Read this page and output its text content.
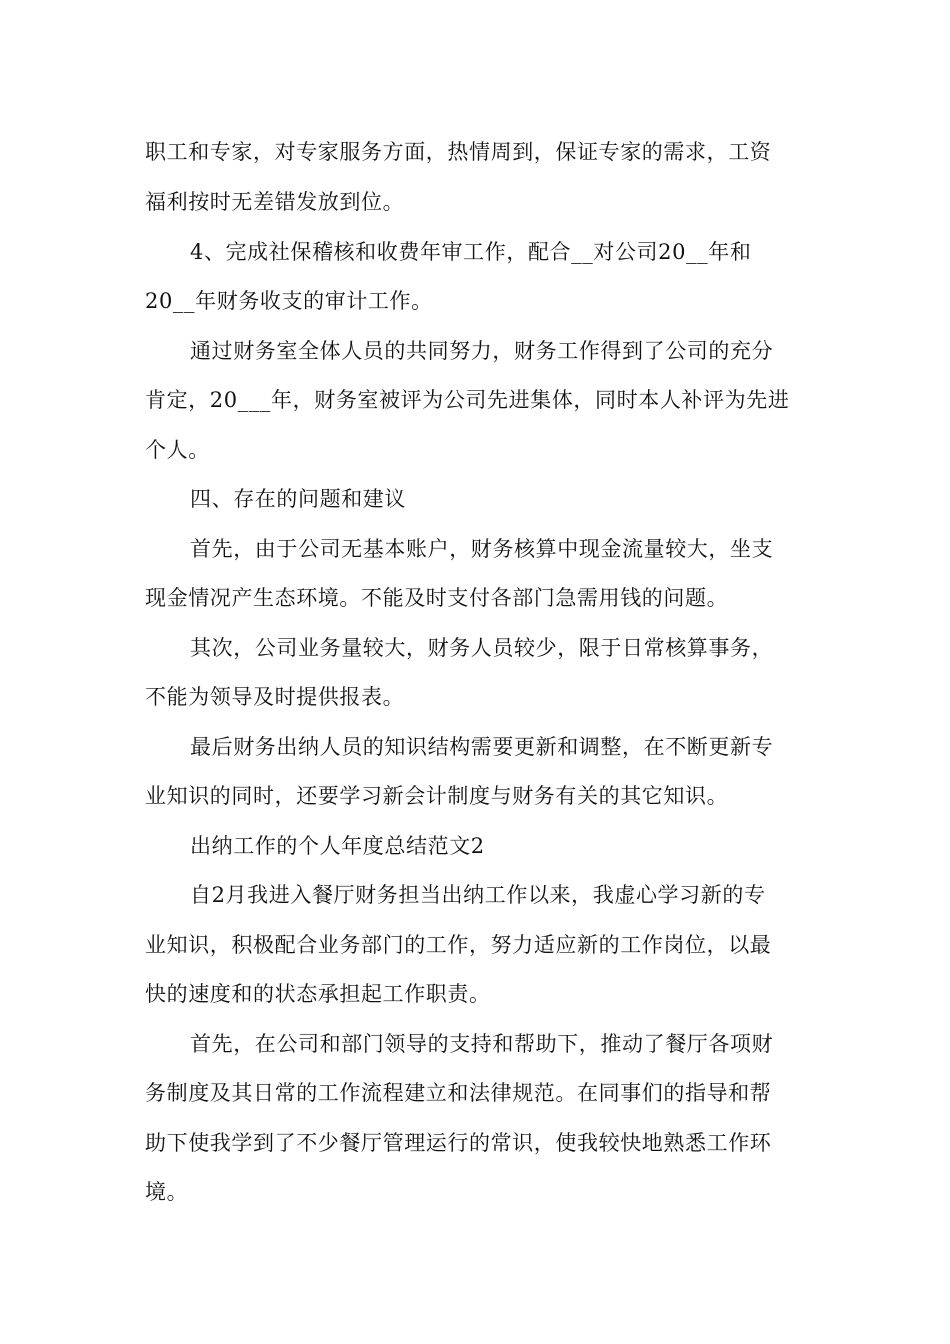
职工和专家，对专家服务方面，热情周到，保证专家的需求，工资
福利按时无差错发放到位。
4、完成社保稽核和收费年审工作，配合__对公司20__年和
20__年财务收支的审计工作。
通过财务室全体人员的共同努力，财务工作得到了公司的充分
肯定，20___年，财务室被评为公司先进集体，同时本人补评为先进
个人。
四、存在的问题和建议
首先，由于公司无基本账户，财务核算中现金流量较大，坐支
现金情况产生态环境。不能及时支付各部门急需用钱的问题。
其次，公司业务量较大，财务人员较少，限于日常核算事务，
不能为领导及时提供报表。
最后财务出纳人员的知识结构需要更新和调整，在不断更新专
业知识的同时，还要学习新会计制度与财务有关的其它知识。
出纳工作的个人年度总结范文2
自2月我进入餐厅财务担当出纳工作以来，我虚心学习新的专
业知识，积极配合业务部门的工作，努力适应新的工作岗位，以最
快的速度和的状态承担起工作职责。
首先，在公司和部门领导的支持和帮助下，推动了餐厅各项财
务制度及其日常的工作流程建立和法律规范。在同事们的指导和帮
助下使我学到了不少餐厅管理运行的常识，使我较快地熟悉工作环
境。
